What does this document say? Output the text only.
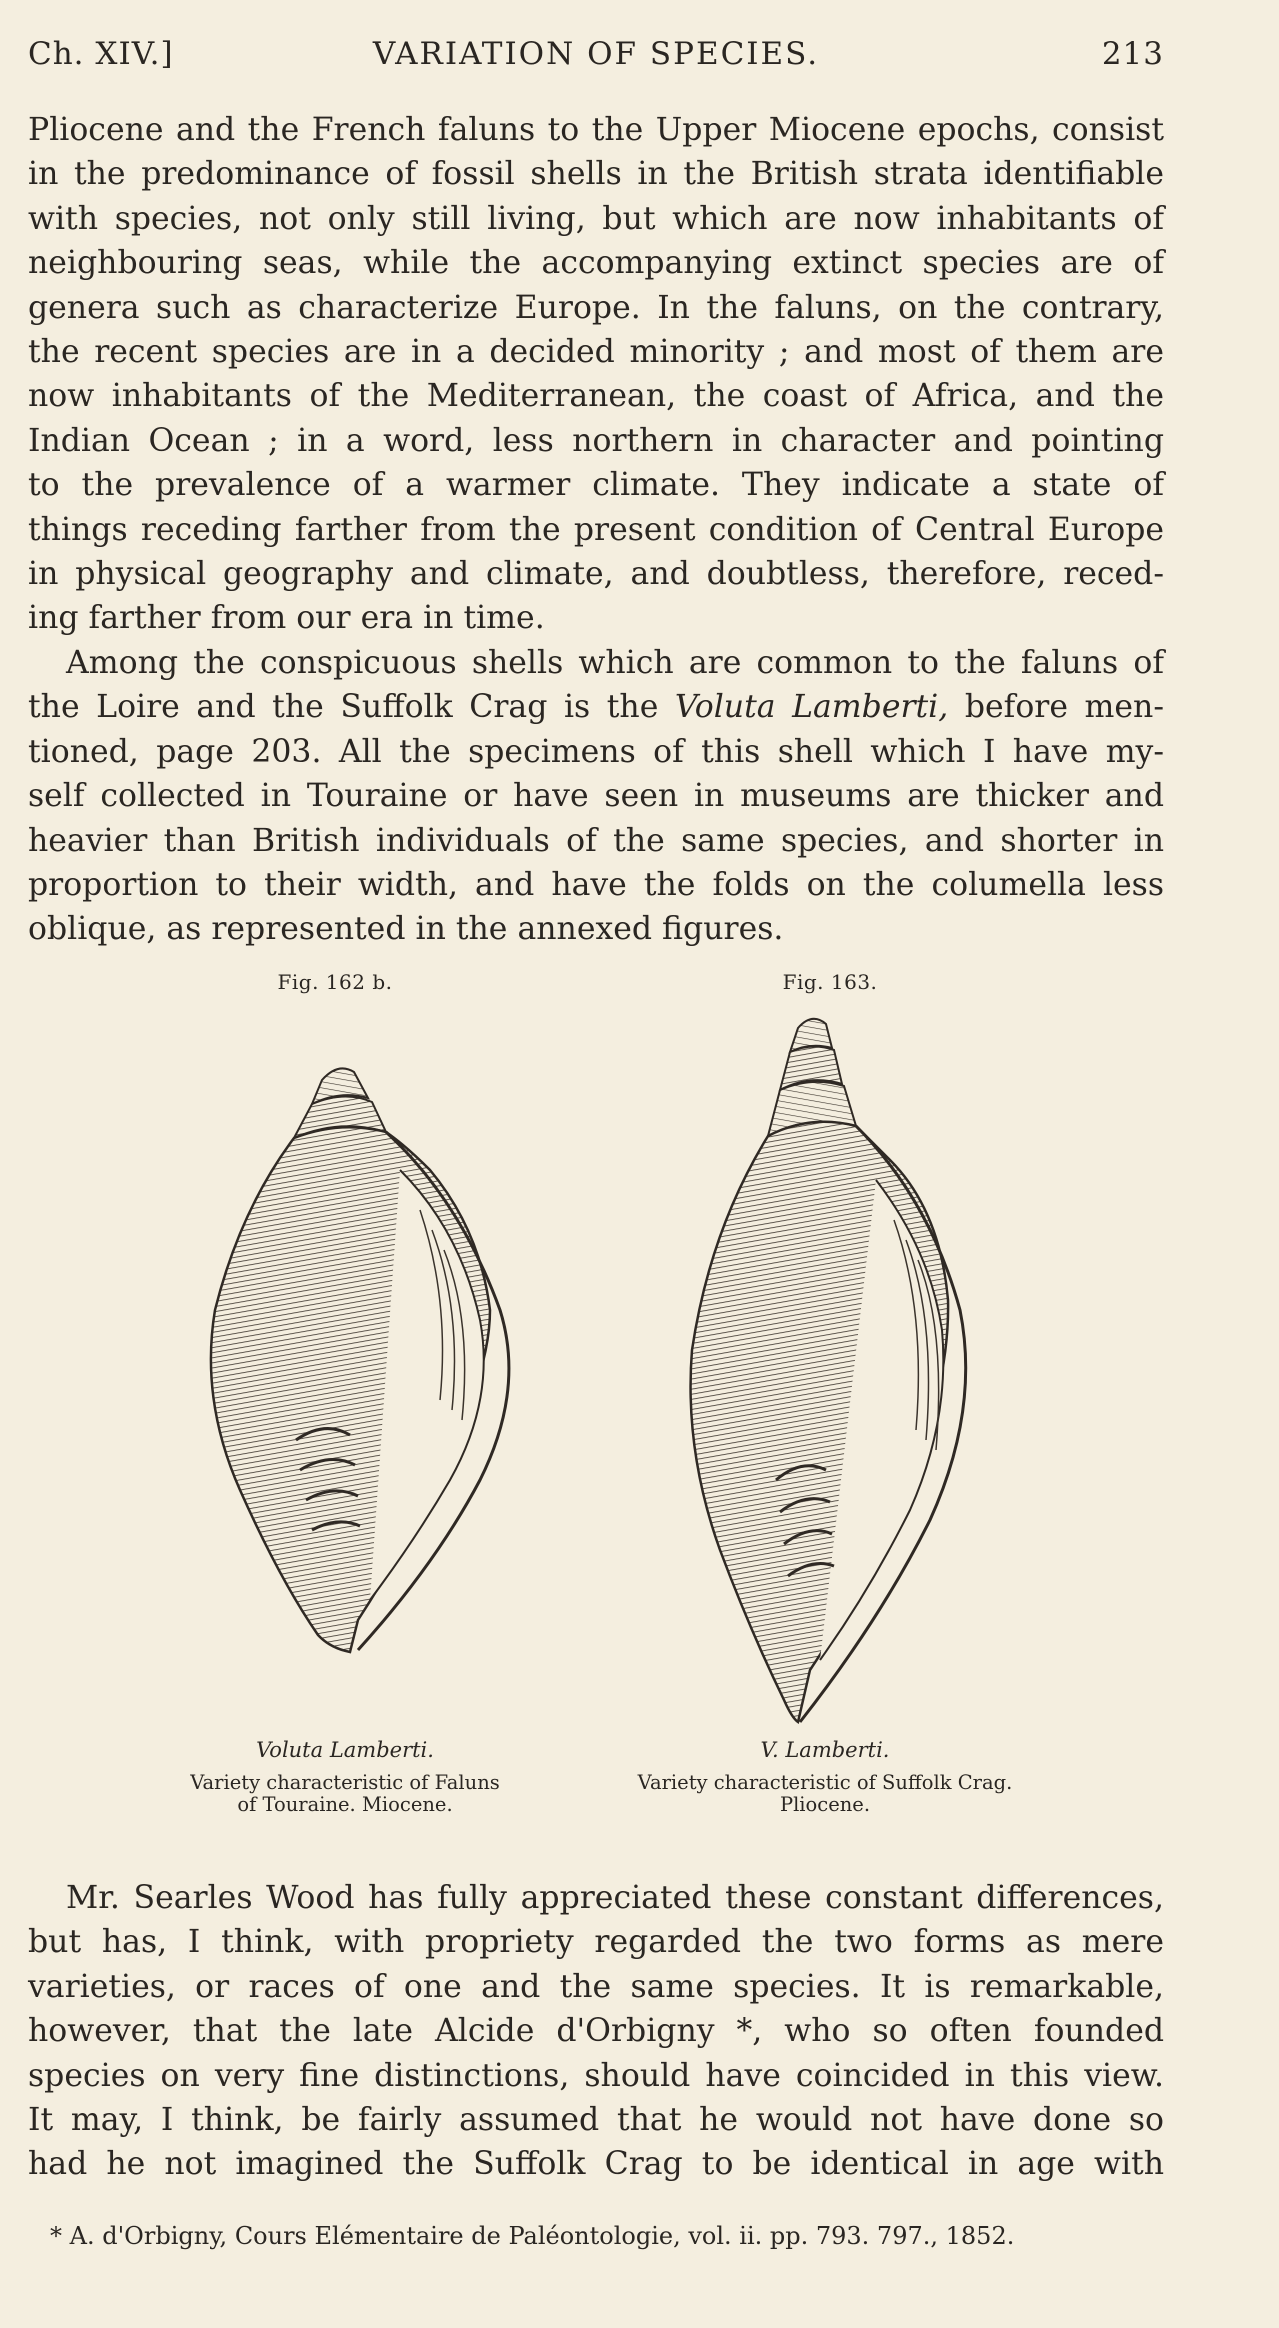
Ch. XIV.]	VARIATION OF SPECIES.	213

Pliocene and the French faluns to the Upper Miocene epochs, consist
in the predominance of fossil shells in the British strata identifiable
with species, not only still living, but which are now inhabitants of
neighbouring seas, while the accompanying extinct species are of
genera such as characterize Europe. In the faluns, on the contrary,
the recent species are in a decided minority ; and most of them are
now inhabitants of the Mediterranean, the coast of Africa, and the
Indian Ocean ; in a word, less northern in character and pointing
to the prevalence of a warmer climate. They indicate a state of
things receding farther from the present condition of Central Europe
in physical geography and climate, and doubtless, therefore, reced-
ing farther from our era in time.

Among the conspicuous shells which are common to the faluns of
the Loire and the Suffolk Crag is the Voluta Lamberti, before men-
tioned, page 203. All the specimens of this shell which I have my-
self collected in Touraine or have seen in museums are thicker and
heavier than British individuals of the same species, and shorter in
proportion to their width, and have the folds on the columella less
oblique, as represented in the annexed figures.

Fig. 162 b.	Fig. 163.
Voluta Lamberti.
Variety characteristic of Faluns
of Touraine. Miocene.
V. Lamberti.
Variety characteristic of Suffolk Crag.
Pliocene.

Mr. Searles Wood has fully appreciated these constant differences,
but has, I think, with propriety regarded the two forms as mere
varieties, or races of one and the same species. It is remarkable,
however, that the late Alcide d'Orbigny *, who so often founded
species on very fine distinctions, should have coincided in this view.
It may, I think, be fairly assumed that he would not have done so
had he not imagined the Suffolk Crag to be identical in age with

* A. d'Orbigny, Cours Elémentaire de Paléontologie, vol. ii. pp. 793. 797., 1852.
